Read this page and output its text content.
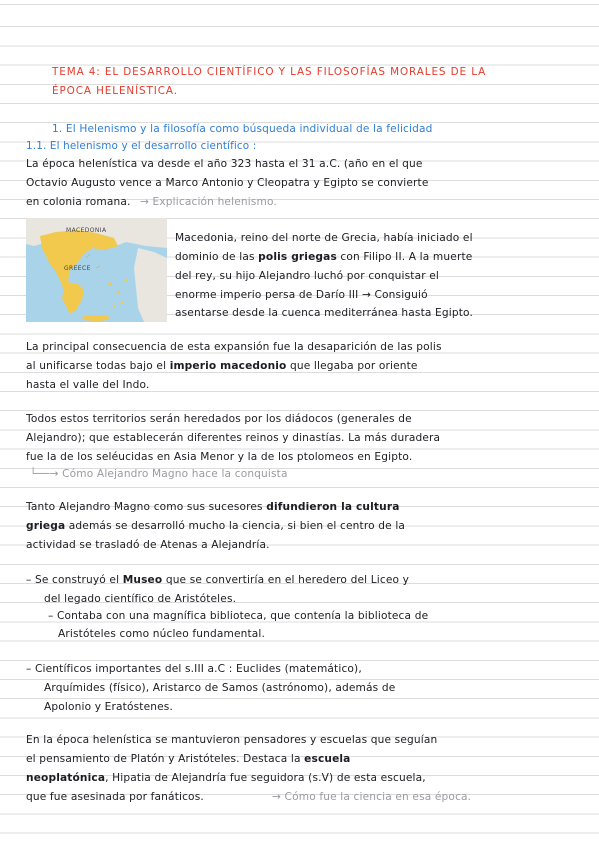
TEMA 4: EL DESARROLLO CIENTÍFICO Y LAS FILOSOFÍAS MORALES DE LA
ÉPOCA HELENÍSTICA.
1. El Helenismo y la filosofía como búsqueda individual de la felicidad
1.1. El helenismo y el desarrollo científico :
La época helenística va desde el año 323 hasta el 31 a.C. (año en el que
Octavio Augusto vence a Marco Antonio y Cleopatra y Egipto se convierte
en colonia romana. → Explicación helenismo.
MACEDONIA
GREECE
Macedonia, reino del norte de Grecia, había iniciado el
dominio de las polis griegas con Filipo II. A la muerte
del rey, su hijo Alejandro luchó por conquistar el
enorme imperio persa de Darío III → Consiguió
asentarse desde la cuenca mediterránea hasta Egipto.
La principal consecuencia de esta expansión fue la desaparición de las polis
al unificarse todas bajo el imperio macedonio que llegaba por oriente
hasta el valle del Indo.
Todos estos territorios serán heredados por los diádocos (generales de
Alejandro); que establecerán diferentes reinos y dinastías. La más duradera
fue la de los seléucidas en Asia Menor y la de los ptolomeos en Egipto.
└──→ Cómo Alejandro Magno hace la conquista
Tanto Alejandro Magno como sus sucesores difundieron la cultura
griega además se desarrolló mucho la ciencia, si bien el centro de la
actividad se trasladó de Atenas a Alejandría.
– Se construyó el Museo que se convertiría en el heredero del Liceo y
del legado científico de Aristóteles.
– Contaba con una magnífica biblioteca, que contenía la biblioteca de
Aristóteles como núcleo fundamental.
– Científicos importantes del s.III a.C : Euclides (matemático),
Arquímides (físico), Aristarco de Samos (astrónomo), además de
Apolonio y Eratóstenes.
En la época helenística se mantuvieron pensadores y escuelas que seguían
el pensamiento de Platón y Aristóteles. Destaca la escuela
neoplatónica, Hipatia de Alejandría fue seguidora (s.V) de esta escuela,
que fue asesinada por fanáticos.	→ Cómo fue la ciencia en esa época.
